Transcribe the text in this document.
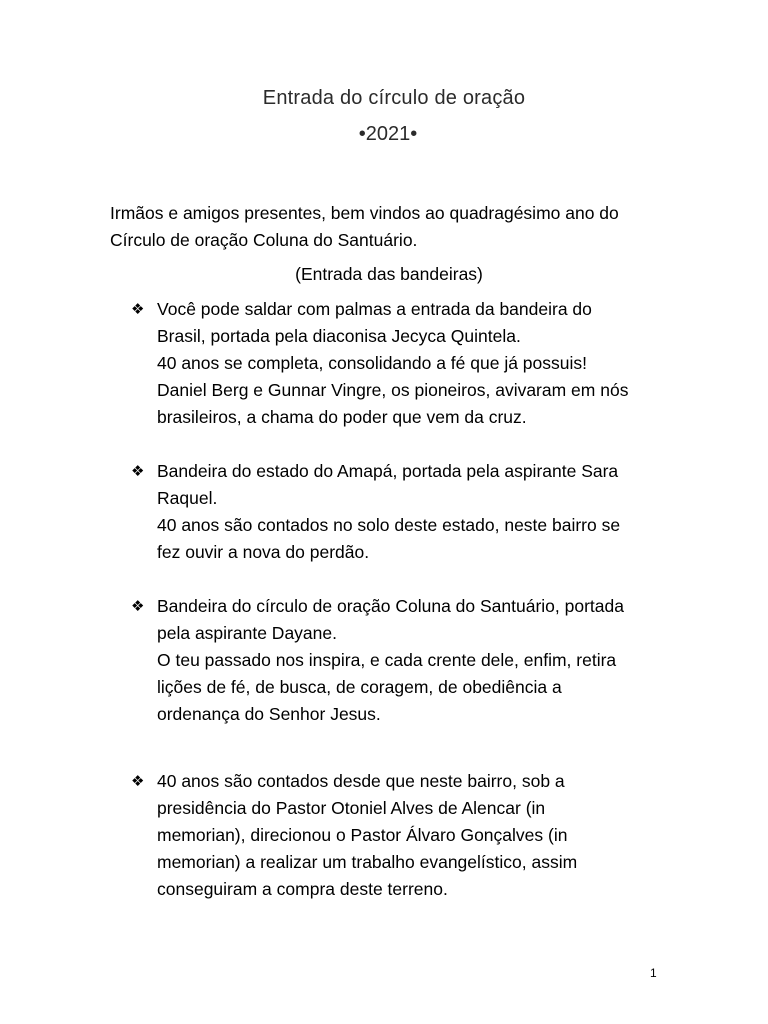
Entrada do círculo de oração
•2021•
Irmãos e amigos presentes, bem vindos ao quadragésimo ano do
Círculo de oração Coluna do Santuário.
(Entrada das bandeiras)
❖ Você pode saldar com palmas a entrada da bandeira do
Brasil, portada pela diaconisa Jecyca Quintela.
40 anos se completa, consolidando a fé que já possuis!
Daniel Berg e Gunnar Vingre, os pioneiros, avivaram em nós
brasileiros, a chama do poder que vem da cruz.
❖ Bandeira do estado do Amapá, portada pela aspirante Sara
Raquel.
40 anos são contados no solo deste estado, neste bairro se
fez ouvir a nova do perdão.
❖ Bandeira do círculo de oração Coluna do Santuário, portada
pela aspirante Dayane.
O teu passado nos inspira, e cada crente dele, enfim, retira
lições de fé, de busca, de coragem, de obediência a
ordenança do Senhor Jesus.
❖ 40 anos são contados desde que neste bairro, sob a
presidência do Pastor Otoniel Alves de Alencar (in
memorian), direcionou o Pastor Álvaro Gonçalves (in
memorian) a realizar um trabalho evangelístico, assim
conseguiram a compra deste terreno.
1
